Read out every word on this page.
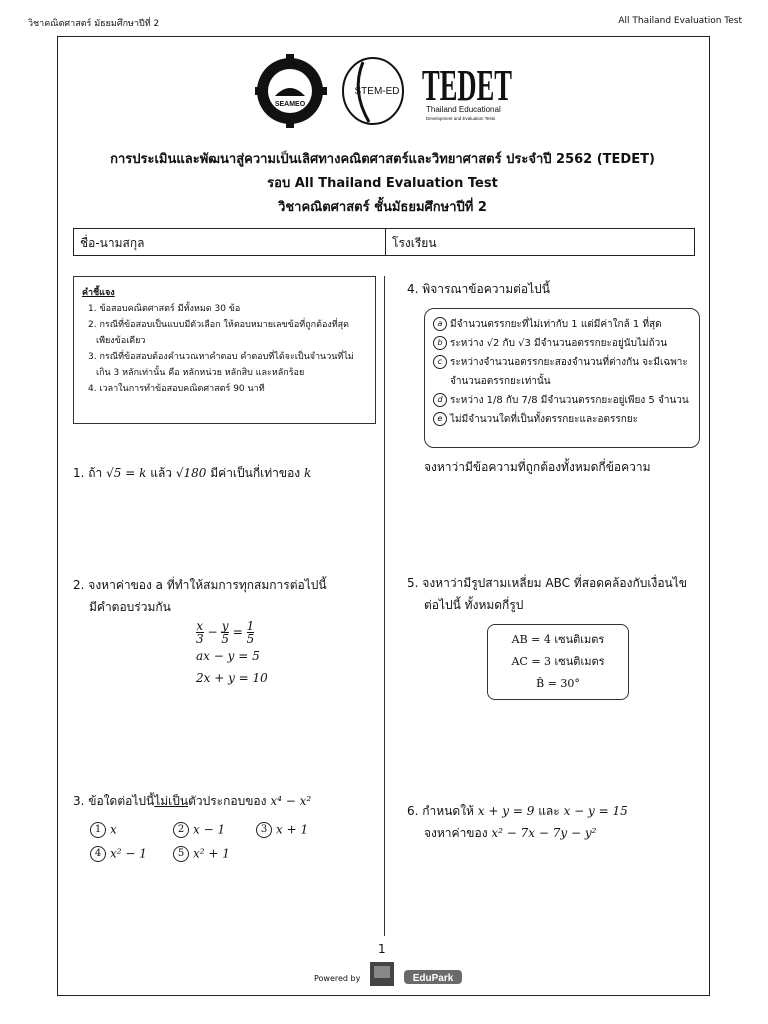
วิชาคณิตศาสตร์ มัธยมศึกษาปีที่ 2	All Thailand Evaluation Test
SEAMEO
STEM-ED TEDET
Thailand Educational
Development and Evaluation Tests
การประเมินและพัฒนาสู่ความเป็นเลิศทางคณิตศาสตร์และวิทยาศาสตร์ ประจำปี 2562 (TEDET)
รอบ All Thailand Evaluation Test
วิชาคณิตศาสตร์ ชั้นมัธยมศึกษาปีที่ 2
ชื่อ-นามสกุล	โรงเรียน
คำชี้แจง
1. ข้อสอบคณิตศาสตร์ มีทั้งหมด 30 ข้อ
2. กรณีที่ข้อสอบเป็นแบบมีตัวเลือก ให้ตอบหมายเลขข้อที่ถูกต้องที่สุดเพียงข้อเดียว
3. กรณีที่ข้อสอบต้องคำนวณหาคำตอบ คำตอบที่ได้จะเป็นจำนวนที่ไม่เกิน 3 หลักเท่านั้น คือ หลักหน่วย หลักสิบ และหลักร้อย
4. เวลาในการทำข้อสอบคณิตศาสตร์ 90 นาที
1. ถ้า √5 = k แล้ว √180 มีค่าเป็นกี่เท่าของ k
2. จงหาค่าของ a ที่ทำให้สมการทุกสมการต่อไปนี้
มีคำตอบร่วมกัน
$\frac{x}{3} - \frac{y}{5} = \frac{1}{5}$
ax − y = 5
2x + y = 10
3. ข้อใดต่อไปนี้ไม่เป็นตัวประกอบของ x⁴ − x²
1 x	2 x − 1	3 x + 1
4 x² − 1	5 x² + 1
4. พิจารณาข้อความต่อไปนี้
a มีจำนวนตรรกยะที่ไม่เท่ากับ 1 แต่มีค่าใกล้ 1 ที่สุด
b ระหว่าง √2 กับ √3 มีจำนวนอตรรกยะอยู่นับไม่ถ้วน
c ระหว่างจำนวนอตรรกยะสองจำนวนที่ต่างกัน จะมีเฉพาะจำนวนอตรรกยะเท่านั้น
d ระหว่าง 1/8 กับ 7/8 มีจำนวนตรรกยะอยู่เพียง 5 จำนวน
e ไม่มีจำนวนใดที่เป็นทั้งตรรกยะและอตรรกยะ
จงหาว่ามีข้อความที่ถูกต้องทั้งหมดกี่ข้อความ
5. จงหาว่ามีรูปสามเหลี่ยม ABC ที่สอดคล้องกับเงื่อนไข
ต่อไปนี้ ทั้งหมดกี่รูป
AB = 4 เซนติเมตร
AC = 3 เซนติเมตร
B̂ = 30°
6. กำหนดให้ x + y = 9 และ x − y = 15
จงหาค่าของ x² − 7x − 7y − y²
1
Powered by	EduPark
